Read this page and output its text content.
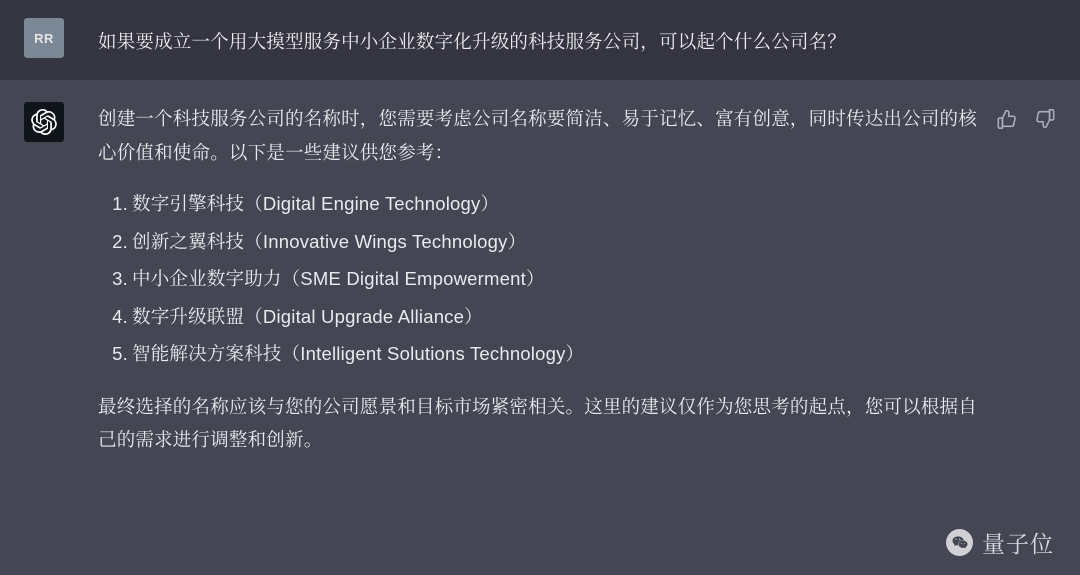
RR 如果要成立一个用大摸型服务中小企业数字化升级的科技服务公司，可以起个什么公司名？
创建一个科技服务公司的名称时，您需要考虑公司名称要简洁、易于记忆、富有创意，同时传达出公司的核心价值和使命。以下是一些建议供您参考：
数字引擎科技（Digital Engine Technology）
创新之翼科技（Innovative Wings Technology）
中小企业数字助力（SME Digital Empowerment）
数字升级联盟（Digital Upgrade Alliance）
智能解决方案科技（Intelligent Solutions Technology）
最终选择的名称应该与您的公司愿景和目标市场紧密相关。这里的建议仅作为您思考的起点，您可以根据自己的需求进行调整和创新。
量子位
